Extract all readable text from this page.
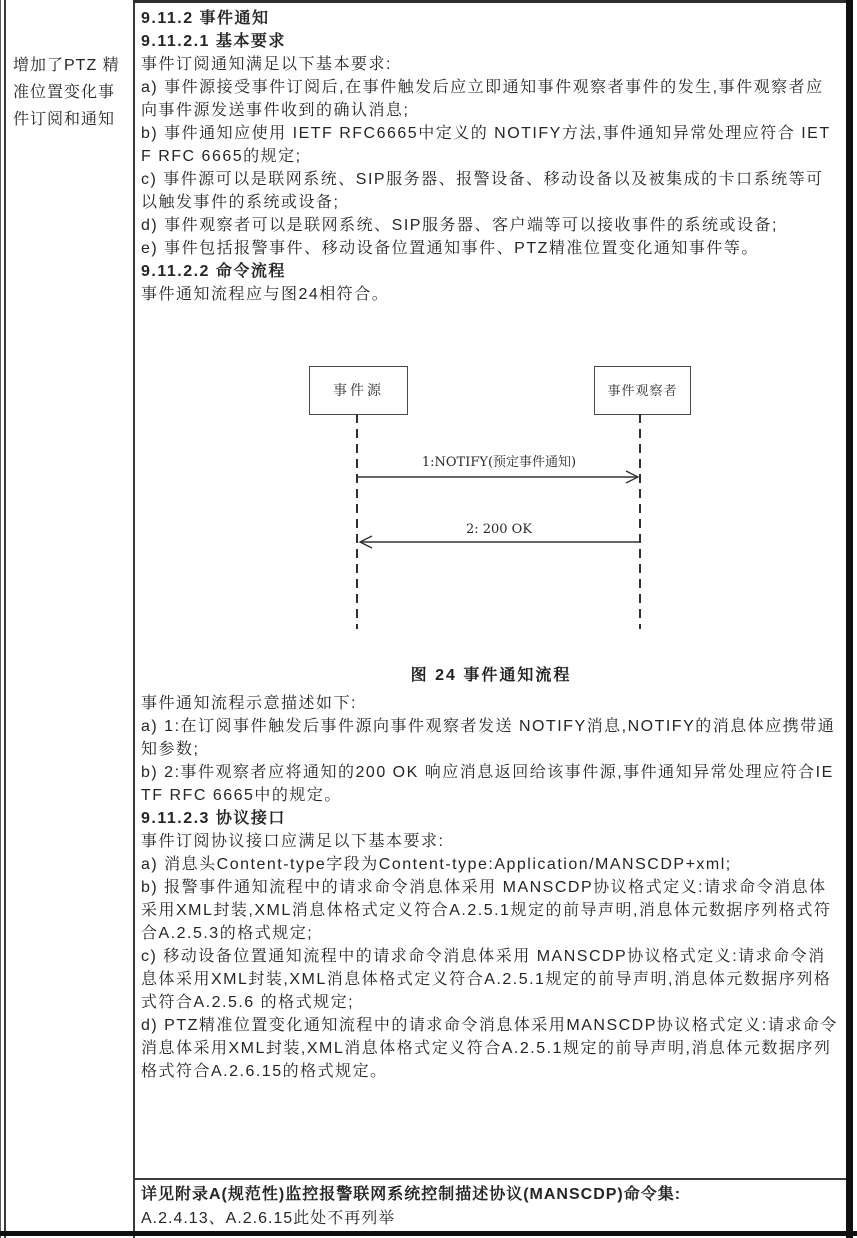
增加了PTZ 精准位置变化事件订阅和通知

9.11.2 事件通知

9.11.2.1 基本要求

事件订阅通知满足以下基本要求:

a) 事件源接受事件订阅后,在事件触发后应立即通知事件观察者事件的发生,事件观察者应向事件源发送事件收到的确认消息;

b) 事件通知应使用 IETF RFC6665中定义的 NOTIFY方法,事件通知异常处理应符合 IETF RFC 6665的规定;

c) 事件源可以是联网系统、SIP服务器、报警设备、移动设备以及被集成的卡口系统等可以触发事件的系统或设备;

d) 事件观察者可以是联网系统、SIP服务器、客户端等可以接收事件的系统或设备;

e) 事件包括报警事件、移动设备位置通知事件、PTZ精准位置变化通知事件等。

9.11.2.2 命令流程

事件通知流程应与图24相符合。

事件源	事件观察者
1:NOTIFY(预定事件通知)
2: 200 OK
图 24 事件通知流程

事件通知流程示意描述如下:

a) 1:在订阅事件触发后事件源向事件观察者发送 NOTIFY消息,NOTIFY的消息体应携带通知参数;

b) 2:事件观察者应将通知的200 OK 响应消息返回给该事件源,事件通知异常处理应符合IETF RFC 6665中的规定。

9.11.2.3 协议接口

事件订阅协议接口应满足以下基本要求:

a) 消息头Content-type字段为Content-type:Application/MANSCDP+xml;

b) 报警事件通知流程中的请求命令消息体采用 MANSCDP协议格式定义:请求命令消息体采用XML封装,XML消息体格式定义符合A.2.5.1规定的前导声明,消息体元数据序列格式符合A.2.5.3的格式规定;

c) 移动设备位置通知流程中的请求命令消息体采用 MANSCDP协议格式定义:请求命令消息体采用XML封装,XML消息体格式定义符合A.2.5.1规定的前导声明,消息体元数据序列格式符合A.2.5.6 的格式规定;

d) PTZ精准位置变化通知流程中的请求命令消息体采用MANSCDP协议格式定义:请求命令 消息体采用XML封装,XML消息体格式定义符合A.2.5.1规定的前导声明,消息体元数据序列格式符合A.2.6.15的格式规定。

详见附录A(规范性)监控报警联网系统控制描述协议(MANSCDP)命令集:

A.2.4.13、A.2.6.15此处不再列举
